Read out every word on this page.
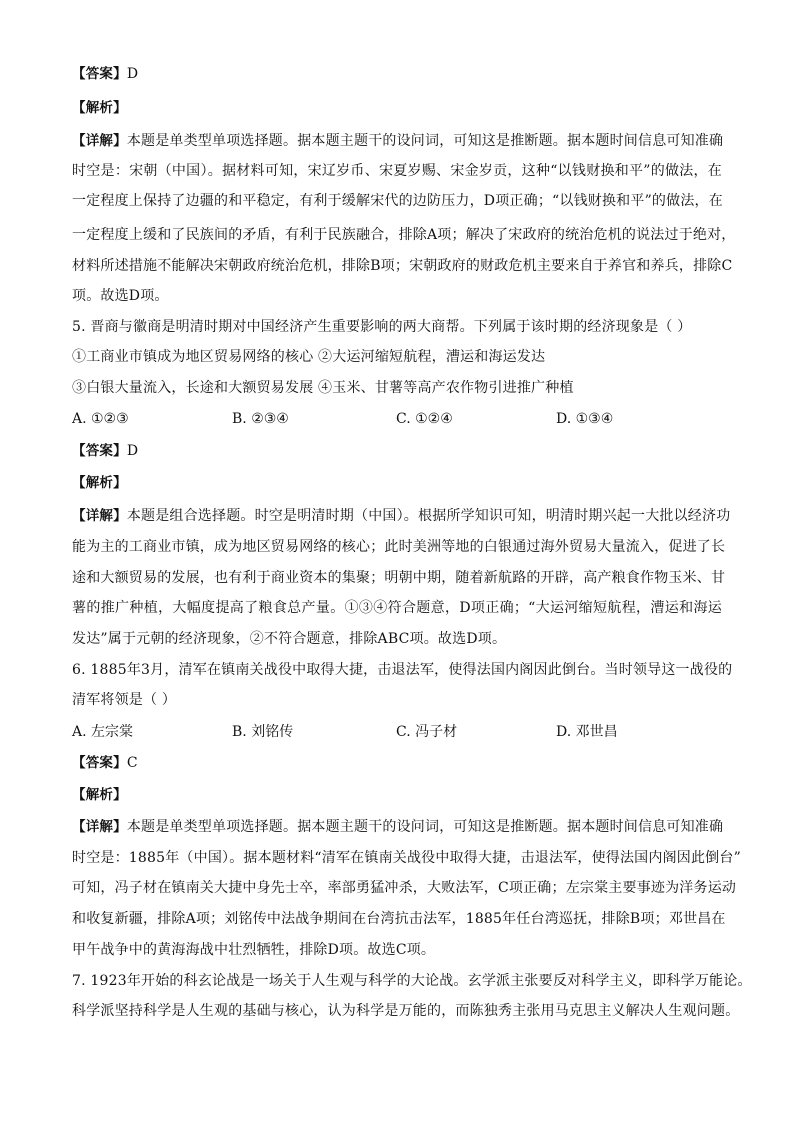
【答案】D
【解析】
【详解】本题是单类型单项选择题。据本题主题干的设问词，可知这是推断题。据本题时间信息可知准确
时空是：宋朝（中国）。据材料可知，宋辽岁币、宋夏岁赐、宋金岁贡，这种“以钱财换和平”的做法，在
一定程度上保持了边疆的和平稳定，有利于缓解宋代的边防压力，D项正确；“以钱财换和平”的做法，在
一定程度上缓和了民族间的矛盾，有利于民族融合，排除A项；解决了宋政府的统治危机的说法过于绝对，
材料所述措施不能解决宋朝政府统治危机，排除B项；宋朝政府的财政危机主要来自于养官和养兵，排除C
项。故选D项。
5. 晋商与徽商是明清时期对中国经济产生重要影响的两大商帮。下列属于该时期的经济现象是（ ）
①工商业市镇成为地区贸易网络的核心 ②大运河缩短航程，漕运和海运发达
③白银大量流入，长途和大额贸易发展 ④玉米、甘薯等高产农作物引进推广种植
A. ①②③	B. ②③④	C. ①②④	D. ①③④
【答案】D
【解析】
【详解】本题是组合选择题。时空是明清时期（中国）。根据所学知识可知，明清时期兴起一大批以经济功
能为主的工商业市镇，成为地区贸易网络的核心；此时美洲等地的白银通过海外贸易大量流入，促进了长
途和大额贸易的发展，也有利于商业资本的集聚；明朝中期，随着新航路的开辟，高产粮食作物玉米、甘
薯的推广种植，大幅度提高了粮食总产量。①③④符合题意，D项正确；“大运河缩短航程，漕运和海运
发达”属于元朝的经济现象，②不符合题意，排除ABC项。故选D项。
6. 1885年3月，清军在镇南关战役中取得大捷，击退法军，使得法国内阁因此倒台。当时领导这一战役的
清军将领是（ ）
A. 左宗棠	B. 刘铭传	C. 冯子材	D. 邓世昌
【答案】C
【解析】
【详解】本题是单类型单项选择题。据本题主题干的设问词，可知这是推断题。据本题时间信息可知准确
时空是：1885年（中国）。据本题材料“清军在镇南关战役中取得大捷，击退法军，使得法国内阁因此倒台”
可知，冯子材在镇南关大捷中身先士卒，率部勇猛冲杀，大败法军，C项正确；左宗棠主要事迹为洋务运动
和收复新疆，排除A项；刘铭传中法战争期间在台湾抗击法军，1885年任台湾巡抚，排除B项；邓世昌在
甲午战争中的黄海海战中壮烈牺牲，排除D项。故选C项。
7. 1923年开始的科玄论战是一场关于人生观与科学的大论战。玄学派主张要反对科学主义，即科学万能论。
科学派坚持科学是人生观的基础与核心，认为科学是万能的，而陈独秀主张用马克思主义解决人生观问题。
